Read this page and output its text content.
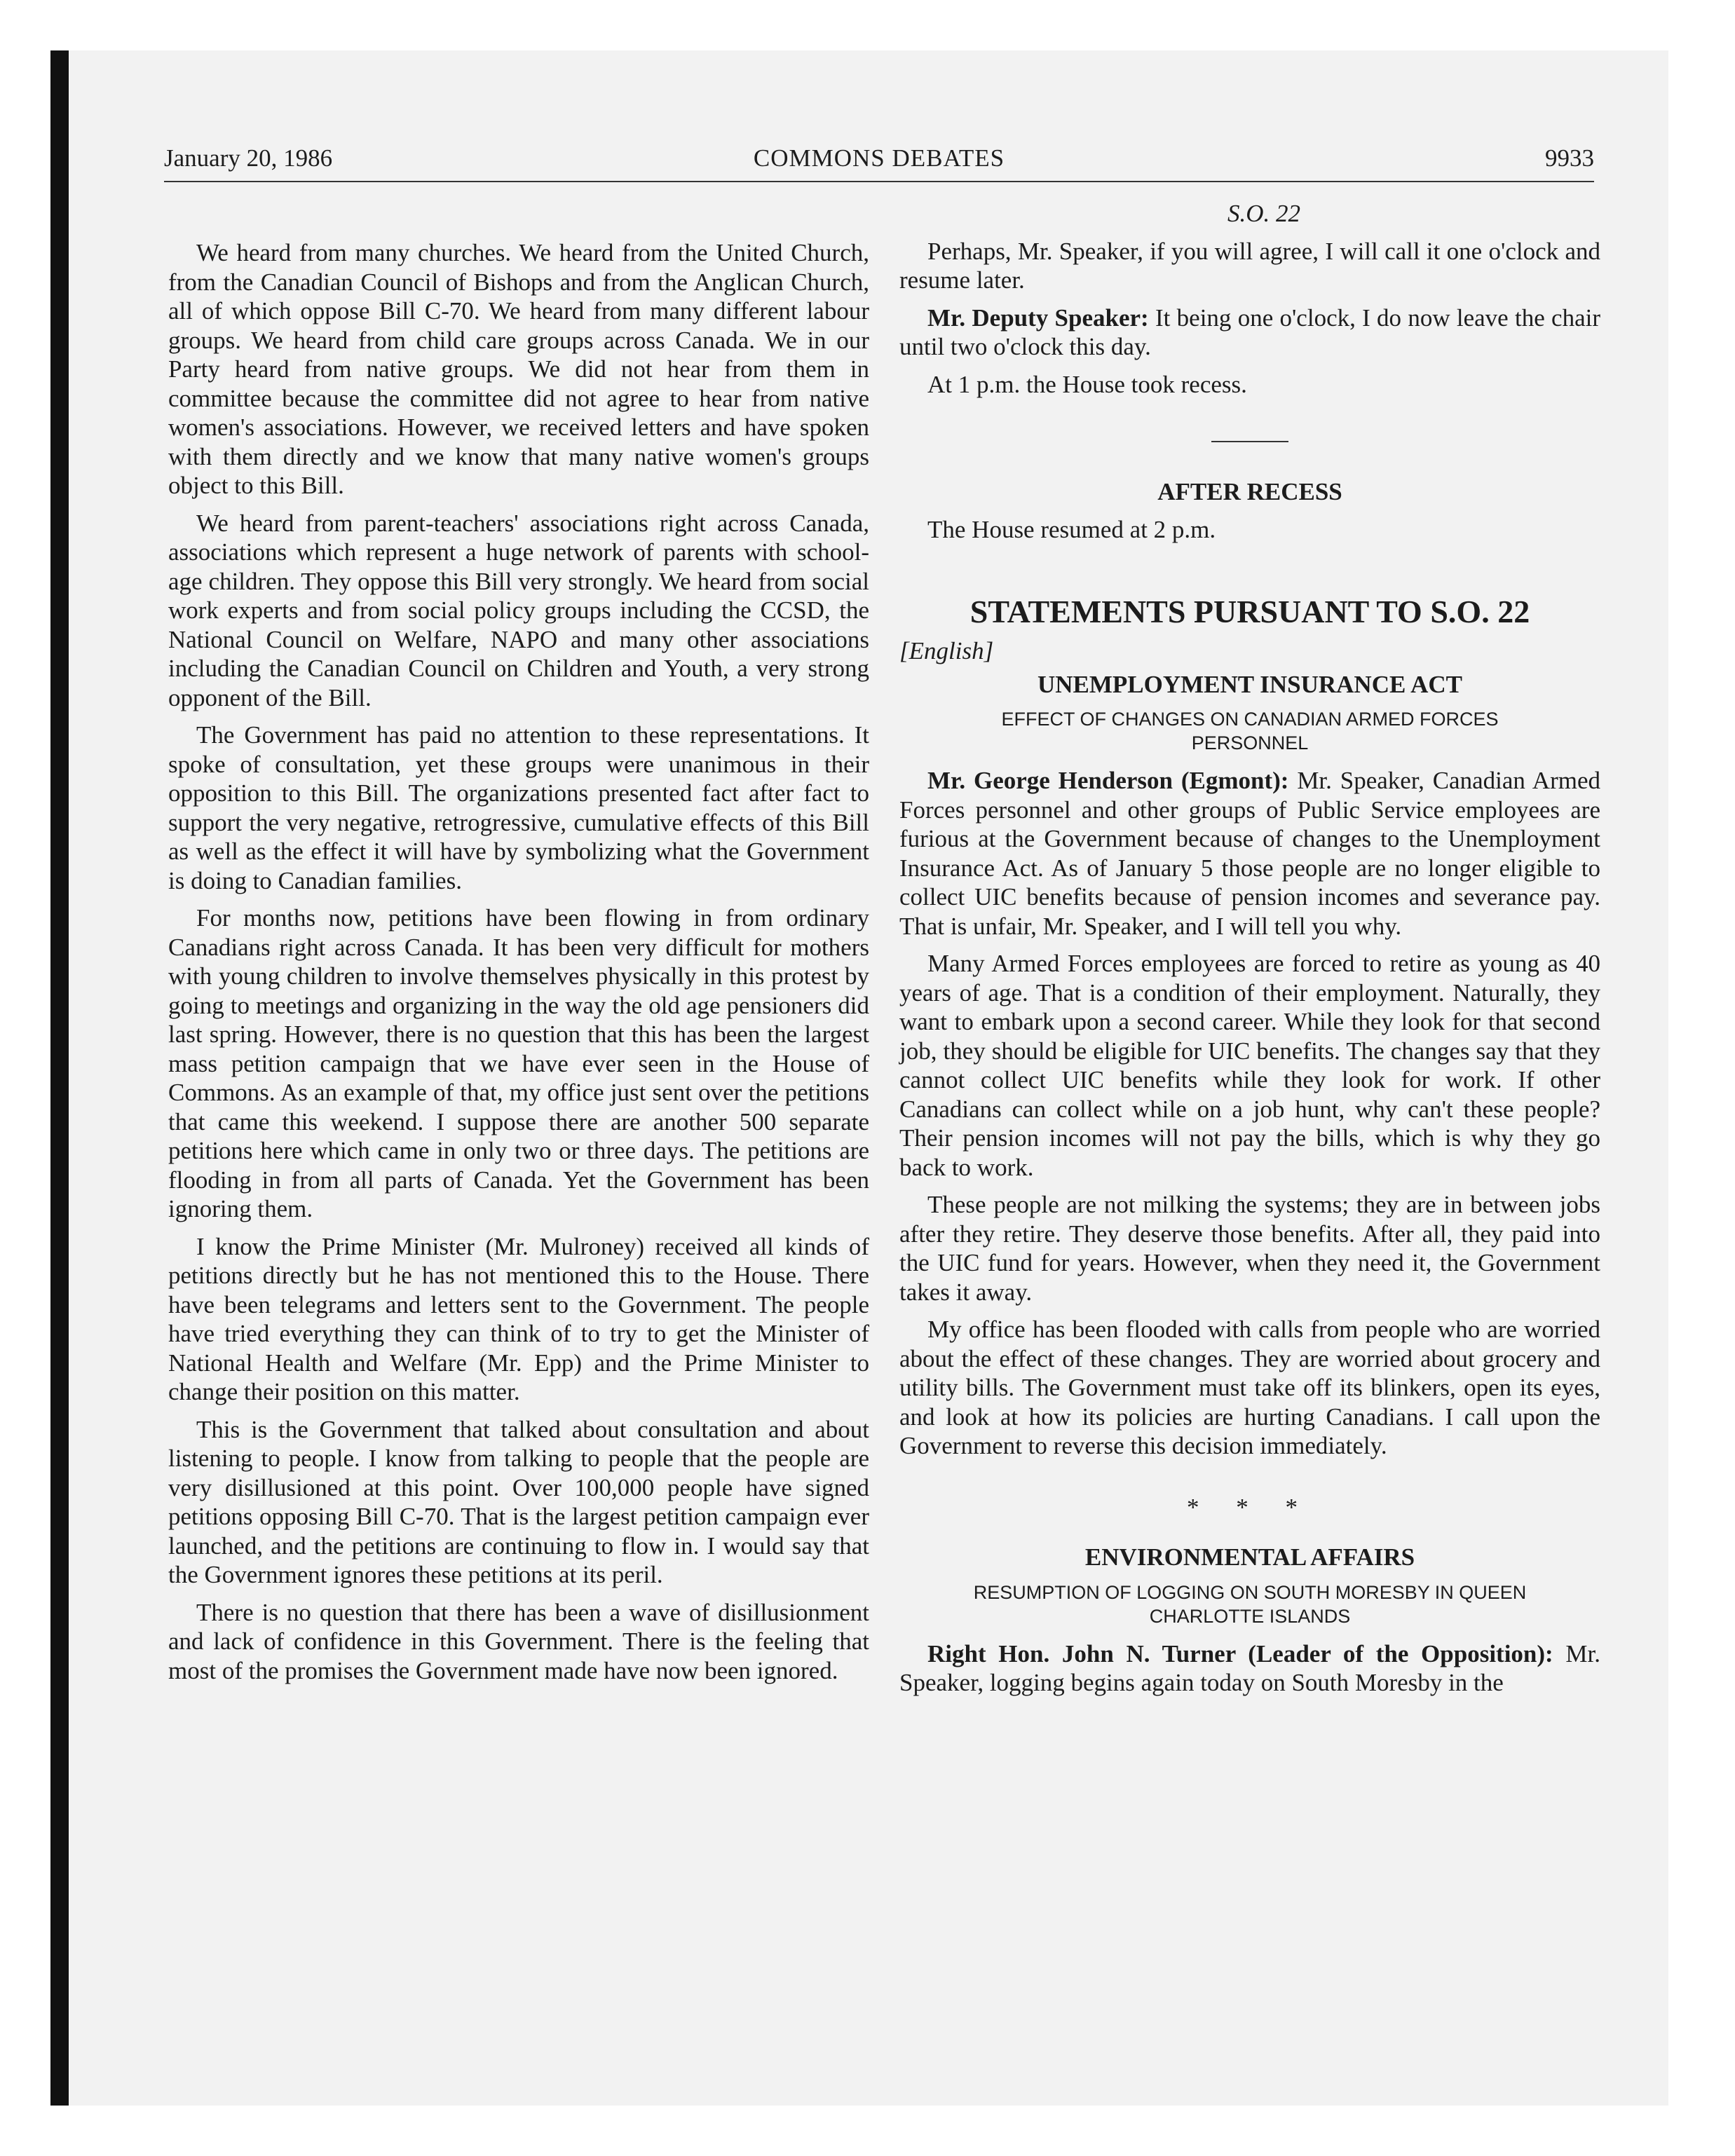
January 20, 1986	COMMONS DEBATES	9933

We heard from many churches. We heard from the United Church, from the Canadian Council of Bishops and from the Anglican Church, all of which oppose Bill C-70. We heard from many different labour groups. We heard from child care groups across Canada. We in our Party heard from native groups. We did not hear from them in committee because the committee did not agree to hear from native women's associations. However, we received letters and have spoken with them directly and we know that many native women's groups object to this Bill.

We heard from parent-teachers' associations right across Canada, associations which represent a huge network of parents with school-age children. They oppose this Bill very strongly. We heard from social work experts and from social policy groups including the CCSD, the National Council on Welfare, NAPO and many other associations including the Canadian Council on Children and Youth, a very strong opponent of the Bill.

The Government has paid no attention to these representations. It spoke of consultation, yet these groups were unanimous in their opposition to this Bill. The organizations presented fact after fact to support the very negative, retrogressive, cumulative effects of this Bill as well as the effect it will have by symbolizing what the Government is doing to Canadian families.

For months now, petitions have been flowing in from ordinary Canadians right across Canada. It has been very difficult for mothers with young children to involve themselves physically in this protest by going to meetings and organizing in the way the old age pensioners did last spring. However, there is no question that this has been the largest mass petition campaign that we have ever seen in the House of Commons. As an example of that, my office just sent over the petitions that came this weekend. I suppose there are another 500 separate petitions here which came in only two or three days. The petitions are flooding in from all parts of Canada. Yet the Government has been ignoring them.

I know the Prime Minister (Mr. Mulroney) received all kinds of petitions directly but he has not mentioned this to the House. There have been telegrams and letters sent to the Government. The people have tried everything they can think of to try to get the Minister of National Health and Welfare (Mr. Epp) and the Prime Minister to change their position on this matter.

This is the Government that talked about consultation and about listening to people. I know from talking to people that the people are very disillusioned at this point. Over 100,000 people have signed petitions opposing Bill C-70. That is the largest petition campaign ever launched, and the petitions are continuing to flow in. I would say that the Government ignores these petitions at its peril.

There is no question that there has been a wave of disillusionment and lack of confidence in this Government. There is the feeling that most of the promises the Government made have now been ignored.

S.O. 22

Perhaps, Mr. Speaker, if you will agree, I will call it one o'clock and resume later.

Mr. Deputy Speaker: It being one o'clock, I do now leave the chair until two o'clock this day.

At 1 p.m. the House took recess.

AFTER RECESS

The House resumed at 2 p.m.

STATEMENTS PURSUANT TO S.O. 22
[English]
UNEMPLOYMENT INSURANCE ACT
EFFECT OF CHANGES ON CANADIAN ARMED FORCES PERSONNEL

Mr. George Henderson (Egmont): Mr. Speaker, Canadian Armed Forces personnel and other groups of Public Service employees are furious at the Government because of changes to the Unemployment Insurance Act. As of January 5 those people are no longer eligible to collect UIC benefits because of pension incomes and severance pay. That is unfair, Mr. Speaker, and I will tell you why.

Many Armed Forces employees are forced to retire as young as 40 years of age. That is a condition of their employment. Naturally, they want to embark upon a second career. While they look for that second job, they should be eligible for UIC benefits. The changes say that they cannot collect UIC benefits while they look for work. If other Canadians can collect while on a job hunt, why can't these people? Their pension incomes will not pay the bills, which is why they go back to work.

These people are not milking the systems; they are in between jobs after they retire. They deserve those benefits. After all, they paid into the UIC fund for years. However, when they need it, the Government takes it away.

My office has been flooded with calls from people who are worried about the effect of these changes. They are worried about grocery and utility bills. The Government must take off its blinkers, open its eyes, and look at how its policies are hurting Canadians. I call upon the Government to reverse this decision immediately.

* * *
ENVIRONMENTAL AFFAIRS
RESUMPTION OF LOGGING ON SOUTH MORESBY IN QUEEN CHARLOTTE ISLANDS

Right Hon. John N. Turner (Leader of the Opposition): Mr. Speaker, logging begins again today on South Moresby in the
